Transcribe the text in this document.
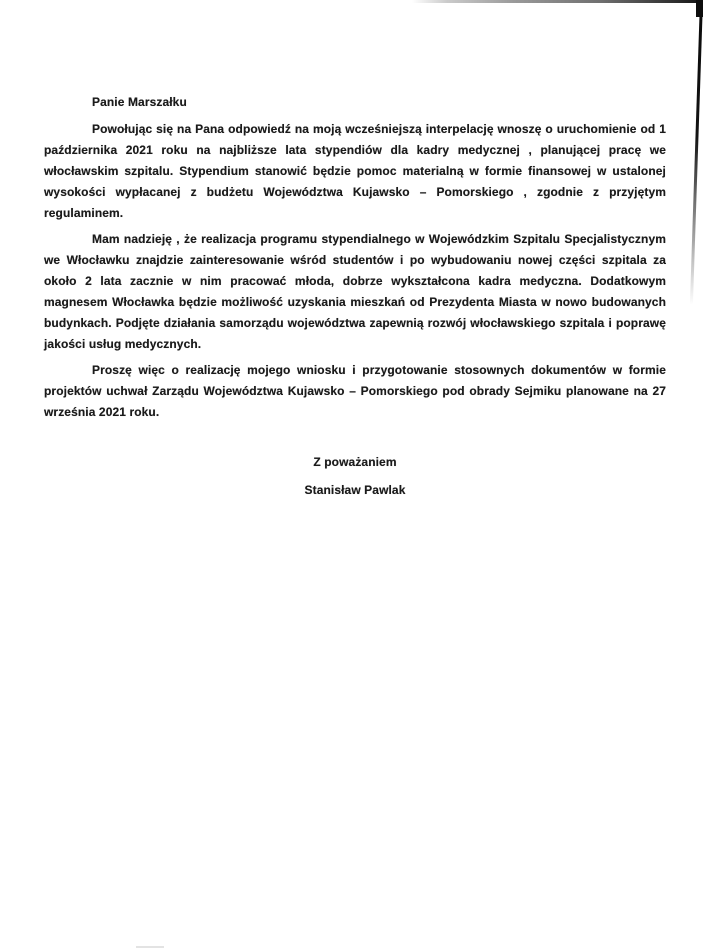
Panie Marszałku

Powołując się na Pana odpowiedź na moją wcześniejszą interpelację wnoszę o uruchomienie od 1 października 2021 roku na najbliższe lata stypendiów dla kadry medycznej , planującej pracę we włocławskim szpitalu. Stypendium stanowić będzie pomoc materialną w formie finansowej w ustalonej wysokości wypłacanej z budżetu Województwa Kujawsko – Pomorskiego , zgodnie z przyjętym regulaminem.

Mam nadzieję , że realizacja programu stypendialnego w Wojewódzkim Szpitalu Specjalistycznym we Włocławku znajdzie zainteresowanie wśród studentów i po wybudowaniu nowej części szpitala za około 2 lata zacznie w nim pracować młoda, dobrze wykształcona kadra medyczna. Dodatkowym magnesem Włocławka będzie możliwość uzyskania mieszkań od Prezydenta Miasta w nowo budowanych budynkach. Podjęte działania samorządu województwa zapewnią rozwój włocławskiego szpitala i poprawę jakości usług medycznych.

Proszę więc o realizację mojego wniosku i przygotowanie stosownych dokumentów w formie projektów uchwał Zarządu Województwa Kujawsko – Pomorskiego pod obrady Sejmiku planowane na 27 września 2021 roku.

Z poważaniem

Stanisław Pawlak
